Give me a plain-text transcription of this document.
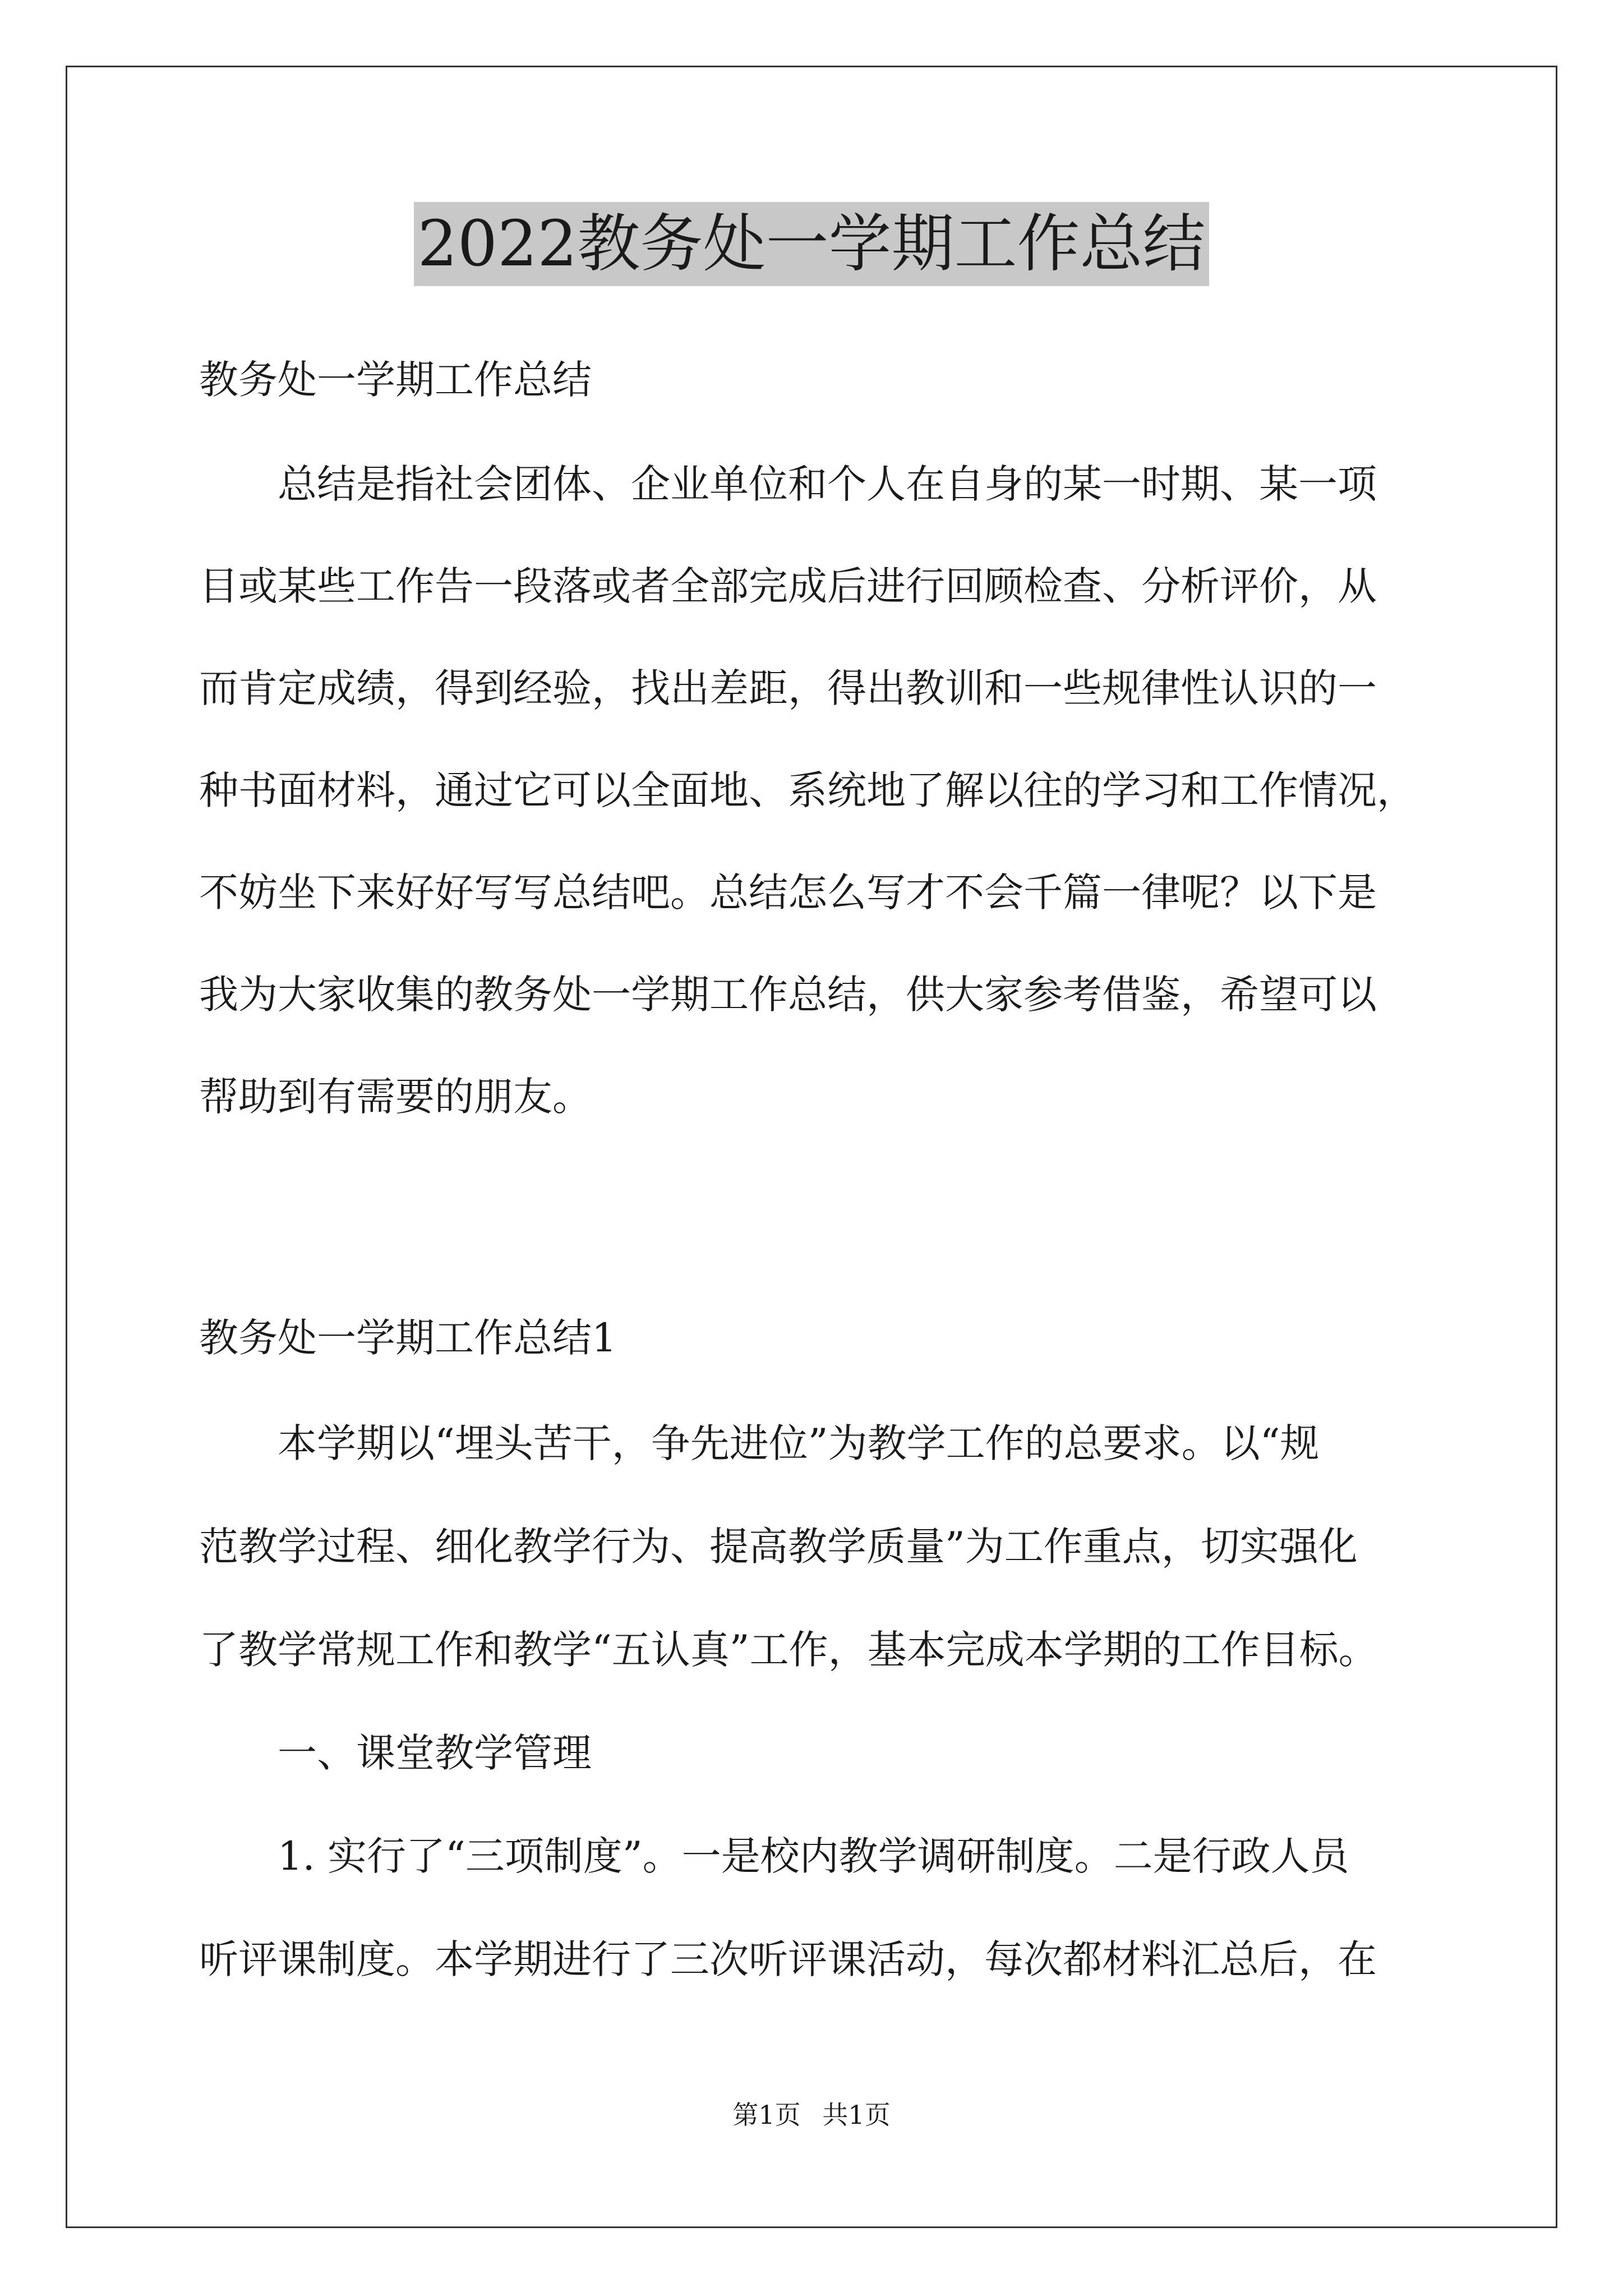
2022教务处一学期工作总结

教务处一学期工作总结

总结是指社会团体、企业单位和个人在自身的某一时期、某一项

目或某些工作告一段落或者全部完成后进行回顾检查、分析评价，从

而肯定成绩，得到经验，找出差距，得出教训和一些规律性认识的一

种书面材料，通过它可以全面地、系统地了解以往的学习和工作情况，

不妨坐下来好好写写总结吧。总结怎么写才不会千篇一律呢？以下是

我为大家收集的教务处一学期工作总结，供大家参考借鉴，希望可以

帮助到有需要的朋友。

教务处一学期工作总结1

本学期以“埋头苦干，争先进位”为教学工作的总要求。以“规

范教学过程、细化教学行为、提高教学质量”为工作重点，切实强化

了教学常规工作和教学“五认真”工作，基本完成本学期的工作目标。

一、课堂教学管理

1. 实行了“三项制度”。一是校内教学调研制度。二是行政人员

听评课制度。本学期进行了三次听评课活动，每次都材料汇总后，在

第1页 共1页
